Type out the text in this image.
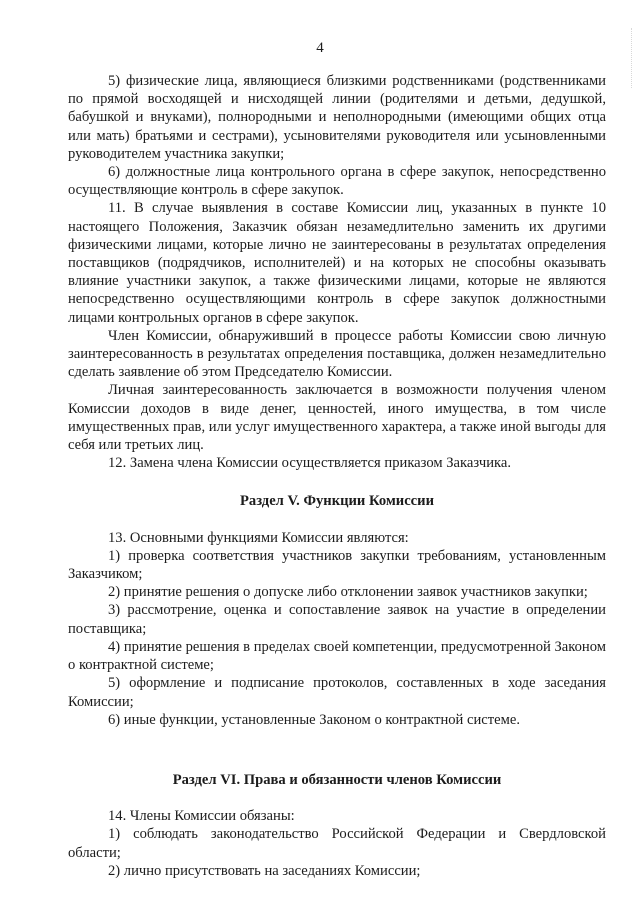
4

5) физические лица, являющиеся близкими родственниками (родственниками по прямой восходящей и нисходящей линии (родителями и детьми, дедушкой, бабушкой и внуками), полнородными и неполнородными (имеющими общих отца или мать) братьями и сестрами), усыновителями руководителя или усыновленными руководителем участника закупки;

6) должностные лица контрольного органа в сфере закупок, непосредственно осуществляющие контроль в сфере закупок.

11. В случае выявления в составе Комиссии лиц, указанных в пункте 10 настоящего Положения, Заказчик обязан незамедлительно заменить их другими физическими лицами, которые лично не заинтересованы в результатах определения поставщиков (подрядчиков, исполнителей) и на которых не способны оказывать влияние участники закупок, а также физическими лицами, которые не являются непосредственно осуществляющими контроль в сфере закупок должностными лицами контрольных органов в сфере закупок.

Член Комиссии, обнаруживший в процессе работы Комиссии свою личную заинтересованность в результатах определения поставщика, должен незамедлительно сделать заявление об этом Председателю Комиссии.

Личная заинтересованность заключается в возможности получения членом Комиссии доходов в виде денег, ценностей, иного имущества, в том числе имущественных прав, или услуг имущественного характера, а также иной выгоды для себя или третьих лиц.

12. Замена члена Комиссии осуществляется приказом Заказчика.

Раздел V. Функции Комиссии

13. Основными функциями Комиссии являются:

1) проверка соответствия участников закупки требованиям, установленным Заказчиком;

2) принятие решения о допуске либо отклонении заявок участников закупки;

3) рассмотрение, оценка и сопоставление заявок на участие в определении поставщика;

4) принятие решения в пределах своей компетенции, предусмотренной Законом о контрактной системе;

5) оформление и подписание протоколов, составленных в ходе заседания Комиссии;

6) иные функции, установленные Законом о контрактной системе.

Раздел VI. Права и обязанности членов Комиссии

14. Члены Комиссии обязаны:

1) соблюдать законодательство Российской Федерации и Свердловской области;

2) лично присутствовать на заседаниях Комиссии;
